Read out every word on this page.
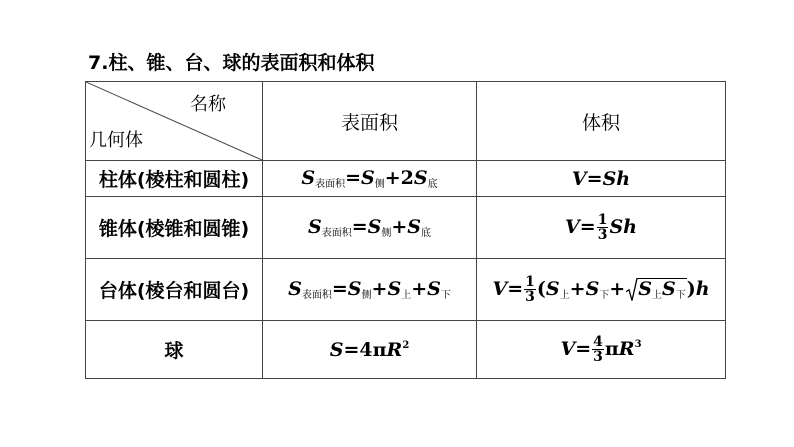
7.柱、锥、台、球的表面积和体积
名称
几何体	表面积	体积
柱体(棱柱和圆柱)	$S_{表面积}=S_侧+2S_底$	V=Sh
锥体(棱锥和圆锥)	$S_{表面积}=S_侧+S_底$	$V= \frac{1}{3}$ Sh
台体(棱台和圆台)	$S_{表面积}=S_侧+S_上+S_下$	$V= \frac{1}{3} (S_上+S_下+ S_上S_下)h$
球	$S=4\pi R^2$	$V= \frac{4}{3} \pi R^3$
